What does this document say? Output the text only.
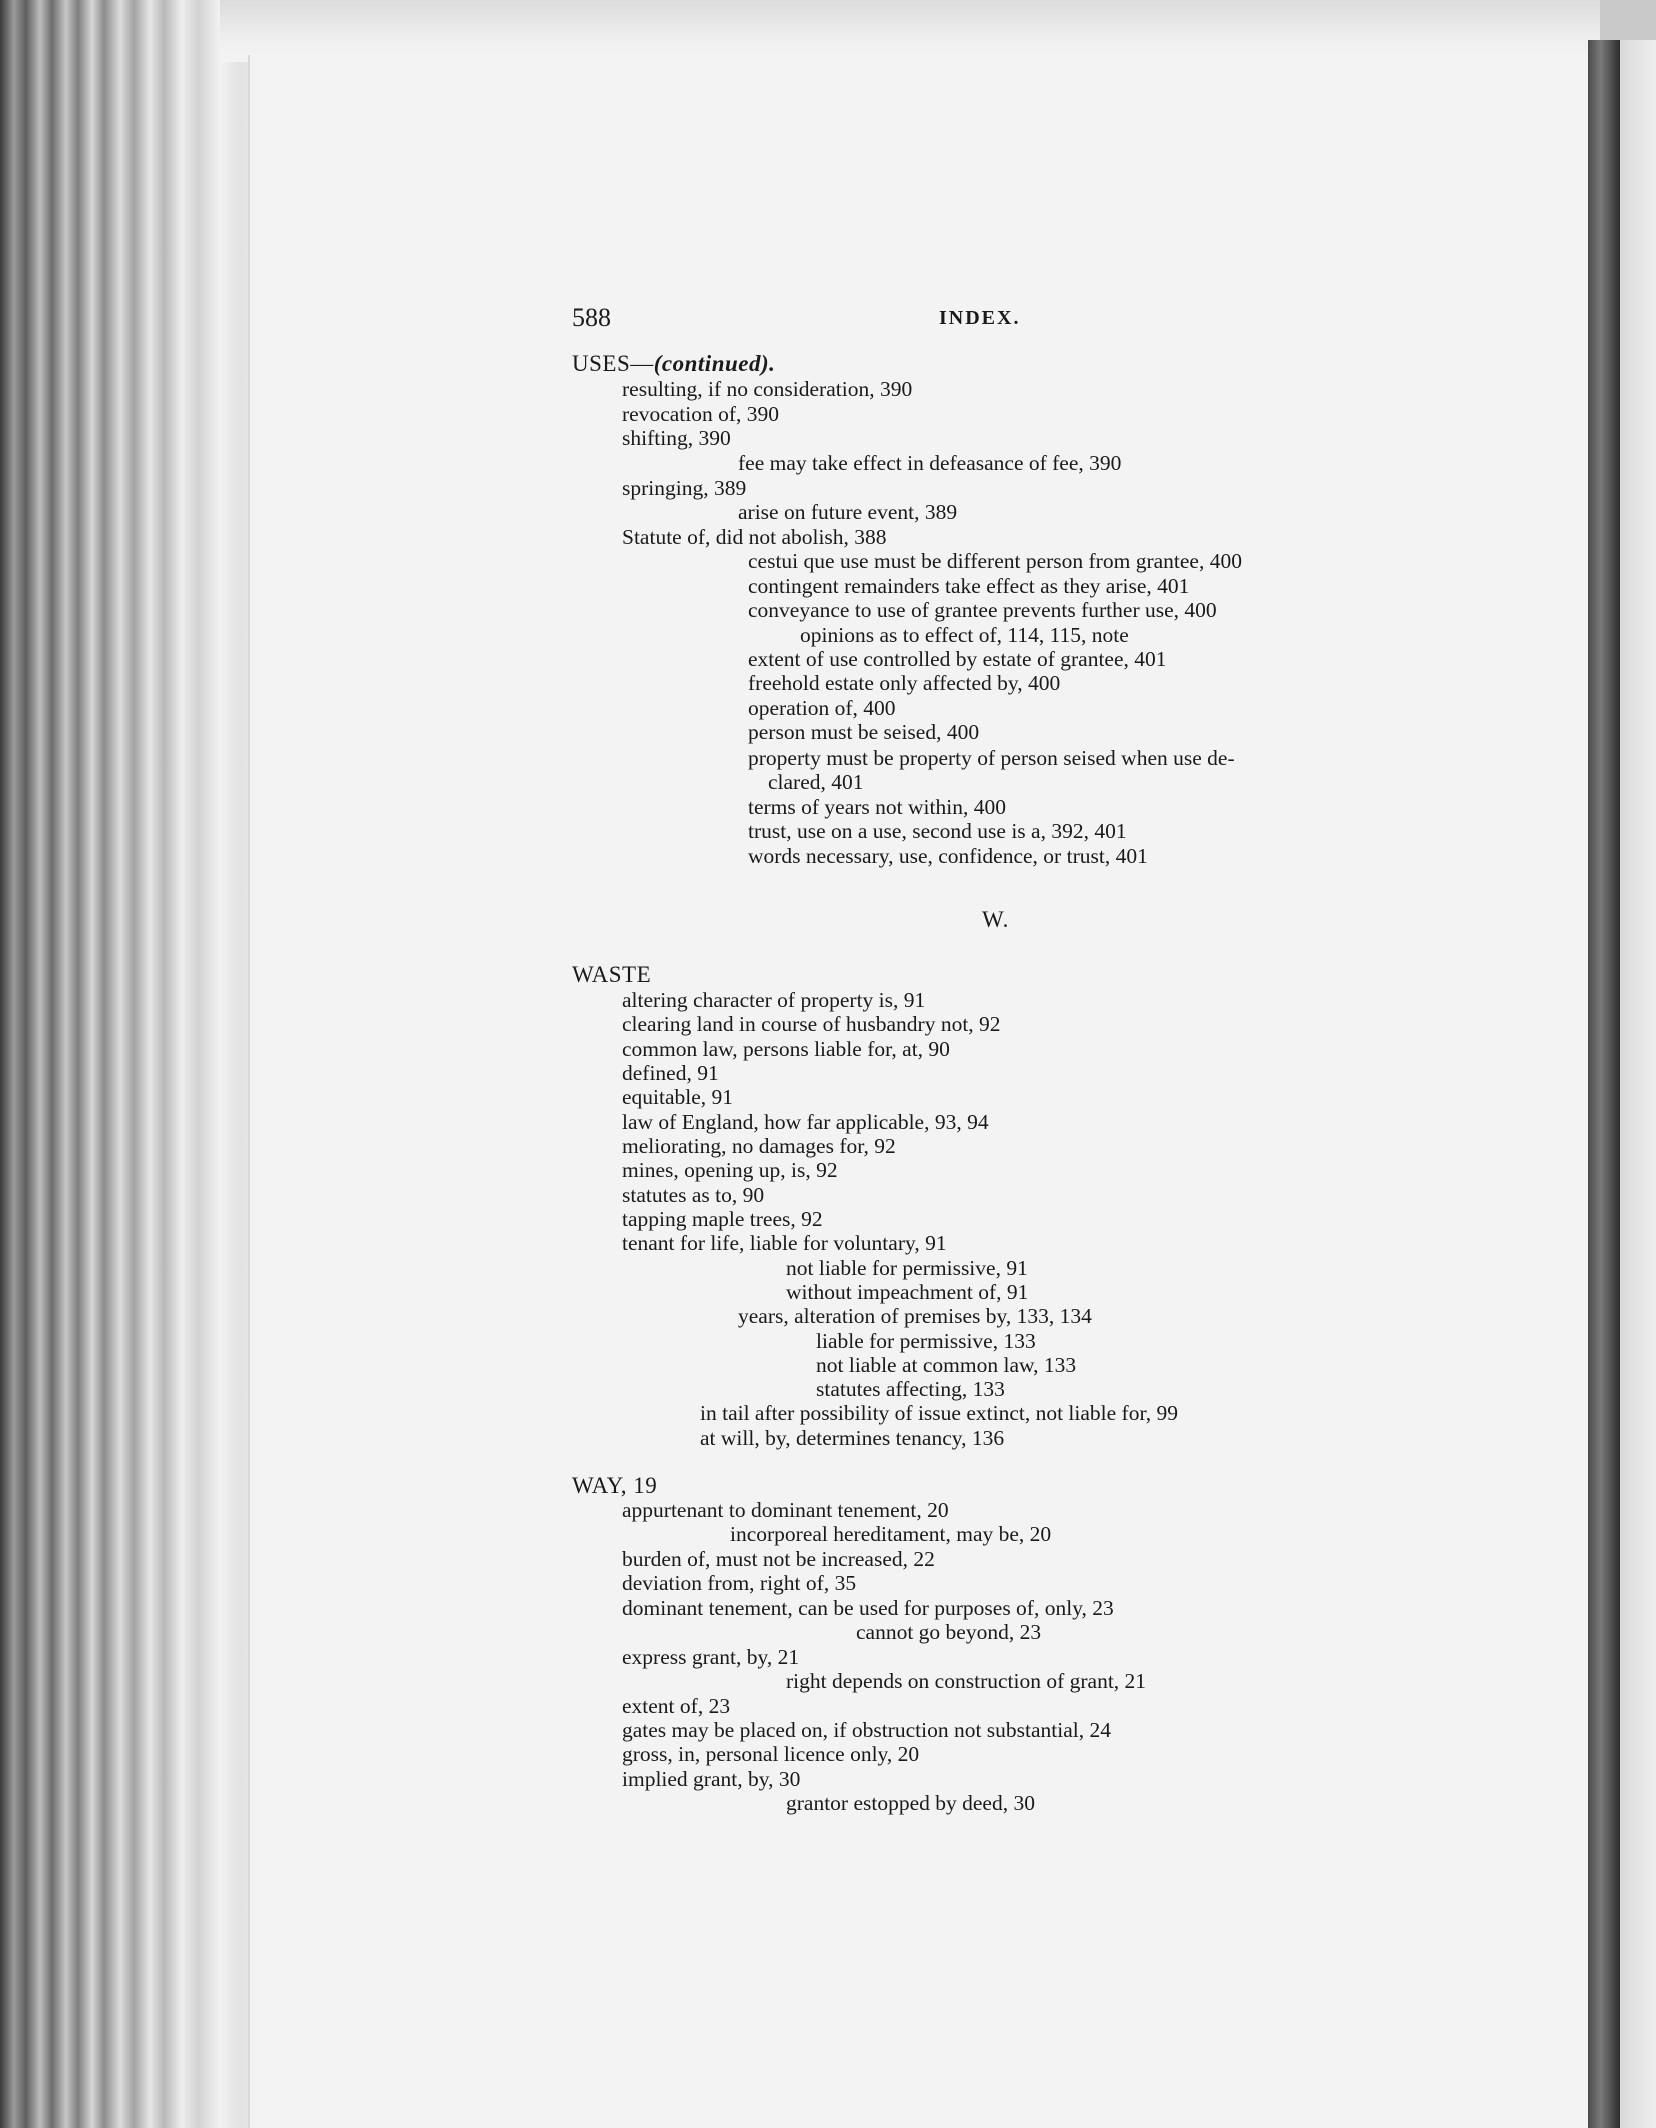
588	INDEX.
USES—(continued).
resulting, if no consideration, 390
revocation of, 390
shifting, 390
fee may take effect in defeasance of fee, 390
springing, 389
arise on future event, 389
Statute of, did not abolish, 388
cestui que use must be different person from grantee, 400
contingent remainders take effect as they arise, 401
conveyance to use of grantee prevents further use, 400
opinions as to effect of, 114, 115, note
extent of use controlled by estate of grantee, 401
freehold estate only affected by, 400
operation of, 400
person must be seised, 400
property must be property of person seised when use de-
clared, 401
terms of years not within, 400
trust, use on a use, second use is a, 392, 401
words necessary, use, confidence, or trust, 401
W.
WASTE
altering character of property is, 91
clearing land in course of husbandry not, 92
common law, persons liable for, at, 90
defined, 91
equitable, 91
law of England, how far applicable, 93, 94
meliorating, no damages for, 92
mines, opening up, is, 92
statutes as to, 90
tapping maple trees, 92
tenant for life, liable for voluntary, 91
not liable for permissive, 91
without impeachment of, 91
years, alteration of premises by, 133, 134
liable for permissive, 133
not liable at common law, 133
statutes affecting, 133
in tail after possibility of issue extinct, not liable for, 99
at will, by, determines tenancy, 136
WAY, 19
appurtenant to dominant tenement, 20
incorporeal hereditament, may be, 20
burden of, must not be increased, 22
deviation from, right of, 35
dominant tenement, can be used for purposes of, only, 23
cannot go beyond, 23
express grant, by, 21
right depends on construction of grant, 21
extent of, 23
gates may be placed on, if obstruction not substantial, 24
gross, in, personal licence only, 20
implied grant, by, 30
grantor estopped by deed, 30
